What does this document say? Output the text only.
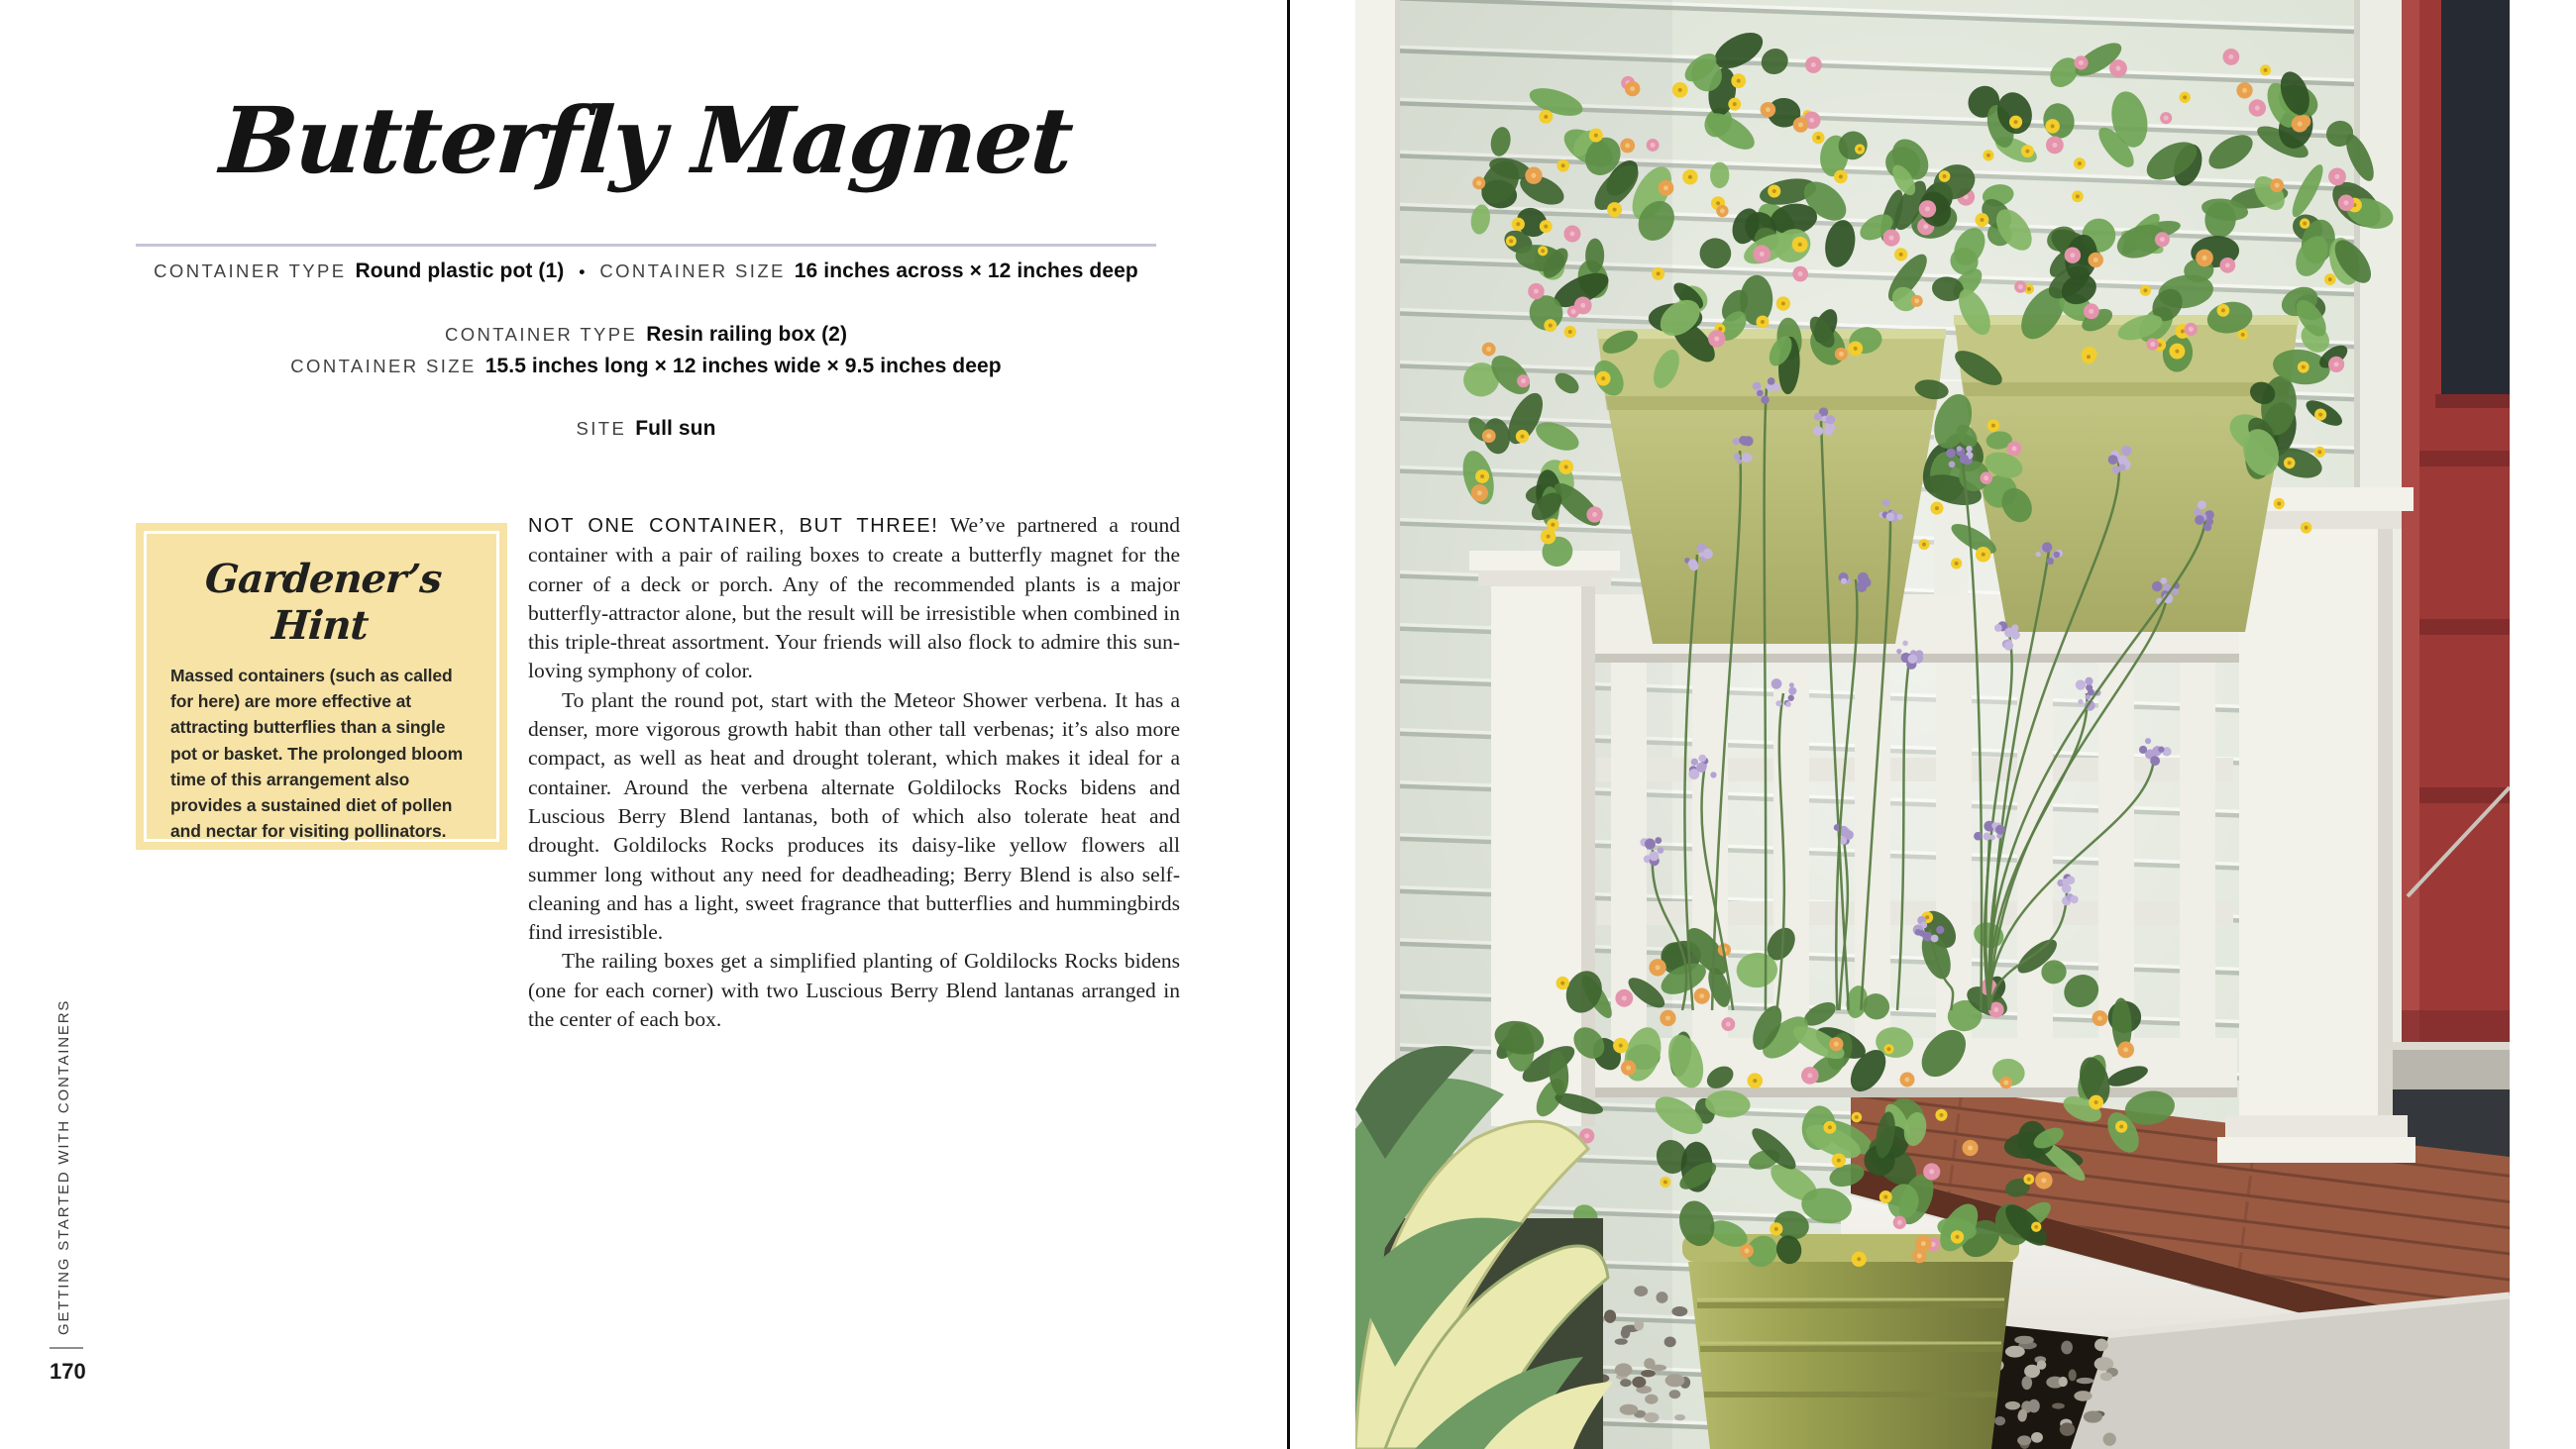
Butterfly Magnet
CONTAINER TYPE Round plastic pot (1) • CONTAINER SIZE 16 inches across × 12 inches deep
CONTAINER TYPE Resin railing box (2)
CONTAINER SIZE 15.5 inches long × 12 inches wide × 9.5 inches deep
SITE Full sun
Gardener’s Hint
Massed containers (such as called for here) are more effective at attracting butterflies than a single pot or basket. The prolonged bloom time of this arrangement also provides a sustained diet of pollen and nectar for visiting pollinators.

NOT ONE CONTAINER, BUT THREE! We’ve partnered a round container with a pair of railing boxes to create a butterfly magnet for the corner of a deck or porch. Any of the recommended plants is a major butterfly-attractor alone, but the result will be irresistible when combined in this triple-threat assortment. Your friends will also flock to admire this sun-loving symphony of color.

To plant the round pot, start with the Meteor Shower verbena. It has a denser, more vigorous growth habit than other tall verbenas; it’s also more compact, as well as heat and drought tolerant, which makes it ideal for a container. Around the verbena alternate Goldilocks Rocks bidens and Luscious Berry Blend lantanas, both of which also tolerate heat and drought. Goldilocks Rocks produces its daisy-like yellow flowers all summer long without any need for deadheading; Berry Blend is also self-cleaning and has a light, sweet fragrance that butterflies and hummingbirds find irresistible.

The railing boxes get a simplified planting of Goldilocks Rocks bidens (one for each corner) with two Luscious Berry Blend lantanas arranged in the center of each box.

GETTING STARTED WITH CONTAINERS
170
